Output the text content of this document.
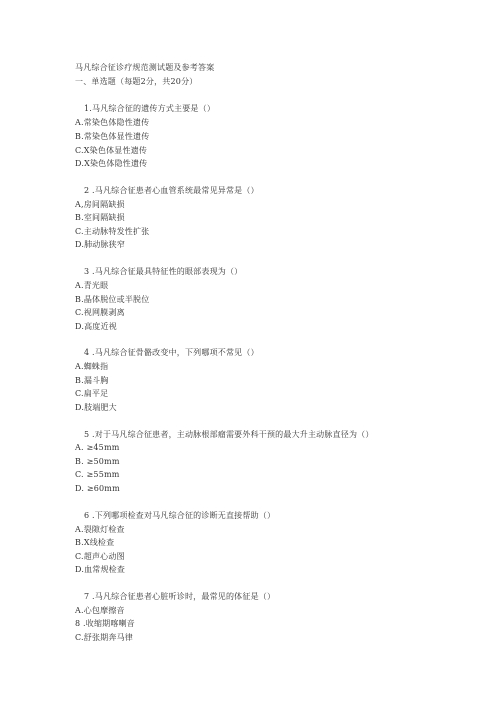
马凡综合征诊疗规范测试题及参考答案
一、单选题（每题2分，共20分）
1.马凡综合征的遗传方式主要是（）
A.常染色体隐性遗传
B.常染色体显性遗传
C.X染色体显性遗传
D.X染色体隐性遗传
2 .马凡综合征患者心血管系统最常见异常是（）
A,房间隔缺损
B.室间隔缺损
C.主动脉特发性扩张
D.肺动脉狭窄
3 .马凡综合征最具特征性的眼部表现为（）
A.青光眼
B.晶体脱位或半脱位
C.视网膜剥离
D.高度近视
4 .马凡综合征骨骼改变中，下列哪项不常见（）
A.蜘蛛指
B.漏斗胸
C.扁平足
D.肢端肥大
5 .对于马凡综合征患者，主动脉根部瘤需要外科干预的最大升主动脉直径为（）
A. ≥45mm
B. ≥50mm
C. ≥55mm
D. ≥60mm
6 .下列哪项检查对马凡综合征的诊断无直接帮助（）
A.裂隙灯检查
B.X线检查
C.超声心动图
D.血常规检查
7 .马凡综合征患者心脏听诊时，最常见的体征是（）
A.心包摩擦音
8 .收缩期喀喇音
C.舒张期奔马律
